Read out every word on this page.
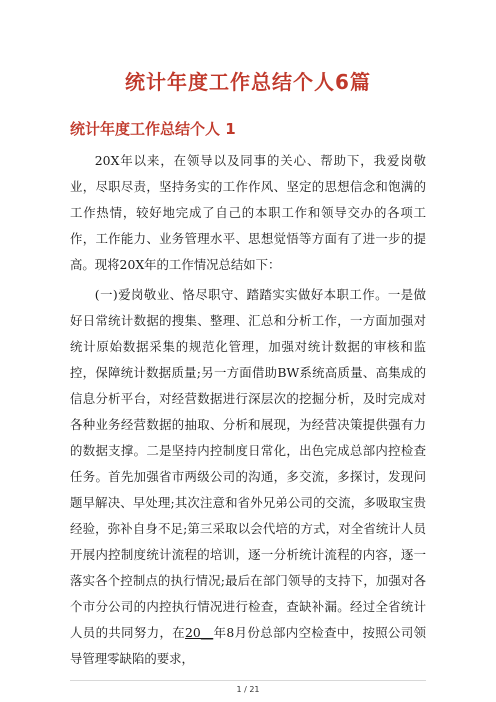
统计年度工作总结个人6篇
统计年度工作总结个人 1

20X年以来，在领导以及同事的关心、帮助下，我爱岗敬业，尽职尽责，坚持务实的工作作风、坚定的思想信念和饱满的工作热情，较好地完成了自己的本职工作和领导交办的各项工作，工作能力、业务管理水平、思想觉悟等方面有了进一步的提高。现将20X年的工作情况总结如下：

(一)爱岗敬业、恪尽职守、踏踏实实做好本职工作。一是做好日常统计数据的搜集、整理、汇总和分析工作，一方面加强对统计原始数据采集的规范化管理，加强对统计数据的审核和监控，保障统计数据质量;另一方面借助BW系统高质量、高集成的信息分析平台，对经营数据进行深层次的挖掘分析，及时完成对各种业务经营数据的抽取、分析和展现，为经营决策提供强有力的数据支撑。二是坚持内控制度日常化，出色完成总部内控检查任务。首先加强省市两级公司的沟通，多交流，多探讨，发现问题早解决、早处理;其次注意和省外兄弟公司的交流，多吸取宝贵经验，弥补自身不足;第三采取以会代培的方式，对全省统计人员开展内控制度统计流程的培训，逐一分析统计流程的内容，逐一落实各个控制点的执行情况;最后在部门领导的支持下，加强对各个市分公司的内控执行情况进行检查，查缺补漏。经过全省统计人员的共同努力，在20__年8月份总部内空检查中，按照公司领导管理零缺陷的要求，

1 / 21
